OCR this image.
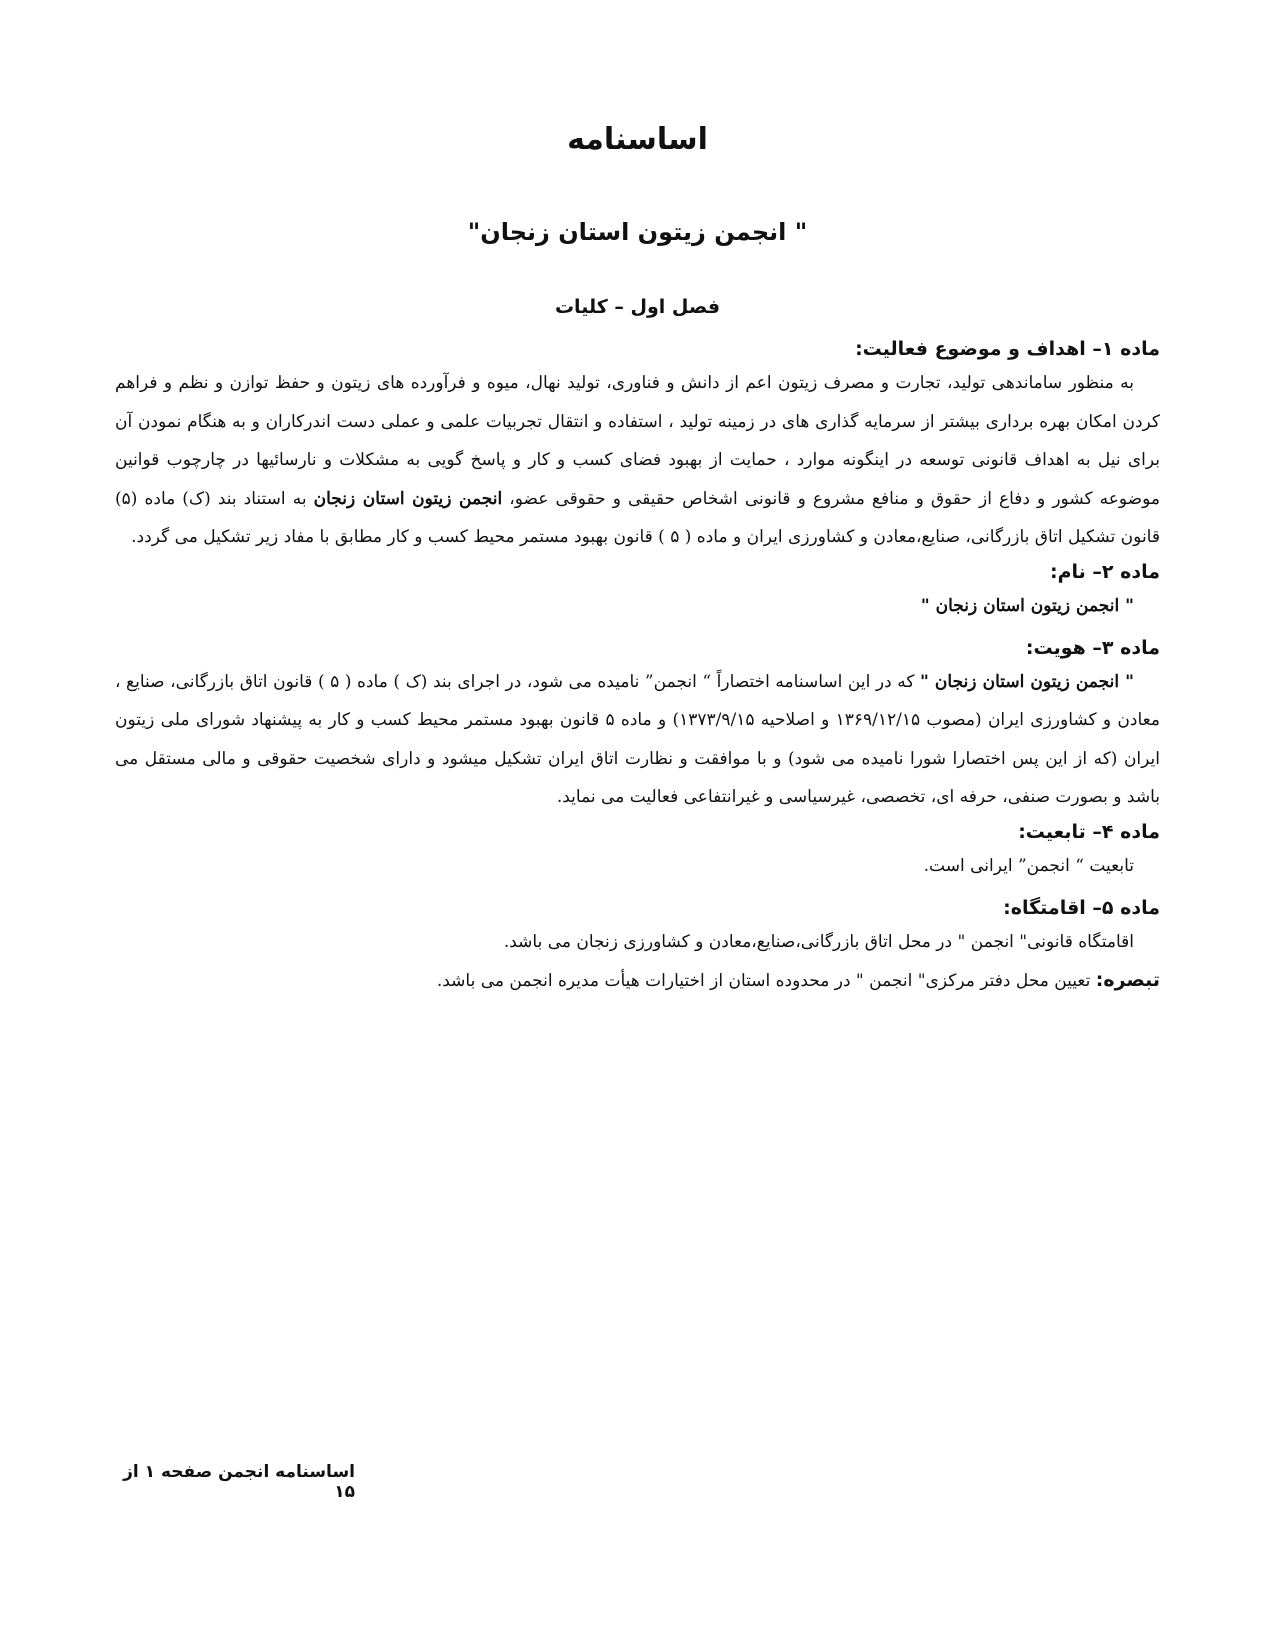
اساسنامه
" انجمن زیتون استان زنجان"
فصل اول – کلیات
ماده ۱– اهداف و موضوع فعالیت:

به منظور ساماندهی تولید، تجارت و مصرف زیتون اعم از دانش و فناوری، تولید نهال، میوه و فرآورده های زیتون و حفظ توازن و نظم و فراهم کردن امکان بهره برداری بیشتر از سرمایه گذاری های در زمینه تولید ، استفاده و انتقال تجربیات علمی و عملی دست اندرکاران و به هنگام نمودن آن برای نیل به اهداف قانونی توسعه در اینگونه موارد ، حمایت از بهبود فضای کسب و کار و پاسخ گویی به مشکلات و نارسائیها در چارچوب قوانین موضوعه کشور و دفاع از حقوق و منافع مشروع و قانونی اشخاص حقیقی و حقوقی عضو، انجمن زیتون استان زنجان به استناد بند (ک) ماده (۵) قانون تشکیل اتاق بازرگانی، صنایع،معادن و کشاورزی ایران و ماده ( ۵ ) قانون بهبود مستمر محیط کسب و کار مطابق با مفاد زیر تشکیل می گردد.

ماده ۲– نام:
" انجمن زیتون استان زنجان "
ماده ۳– هویت:

" انجمن زیتون استان زنجان " که در این اساسنامه اختصاراً “ انجمن” نامیده می شود، در اجرای بند (ک ) ماده ( ۵ ) قانون اتاق بازرگانی، صنایع ، معادن و کشاورزی ایران (مصوب ۱۳۶۹/۱۲/۱۵ و اصلاحیه ۱۳۷۳/۹/۱۵) و ماده ۵ قانون بهبود مستمر محیط کسب و کار به پیشنهاد شورای ملی زیتون ایران (که از این پس اختصارا شورا نامیده می شود) و با موافقت و نظارت اتاق ایران تشکیل میشود و دارای شخصیت حقوقی و مالی مستقل می باشد و بصورت صنفی، حرفه ای، تخصصی، غیرسیاسی و غیرانتفاعی فعالیت می نماید.

ماده ۴– تابعیت:
تابعیت “ انجمن” ایرانی است.
ماده ۵– اقامتگاه:
اقامتگاه قانونی" انجمن " در محل اتاق بازرگانی،صنایع،معادن و کشاورزی زنجان می باشد.
تبصره: تعیین محل دفتر مرکزی" انجمن " در محدوده استان از اختیارات هیأت مدیره انجمن می باشد.
اساسنامه انجمن صفحه ۱ از ۱۵
